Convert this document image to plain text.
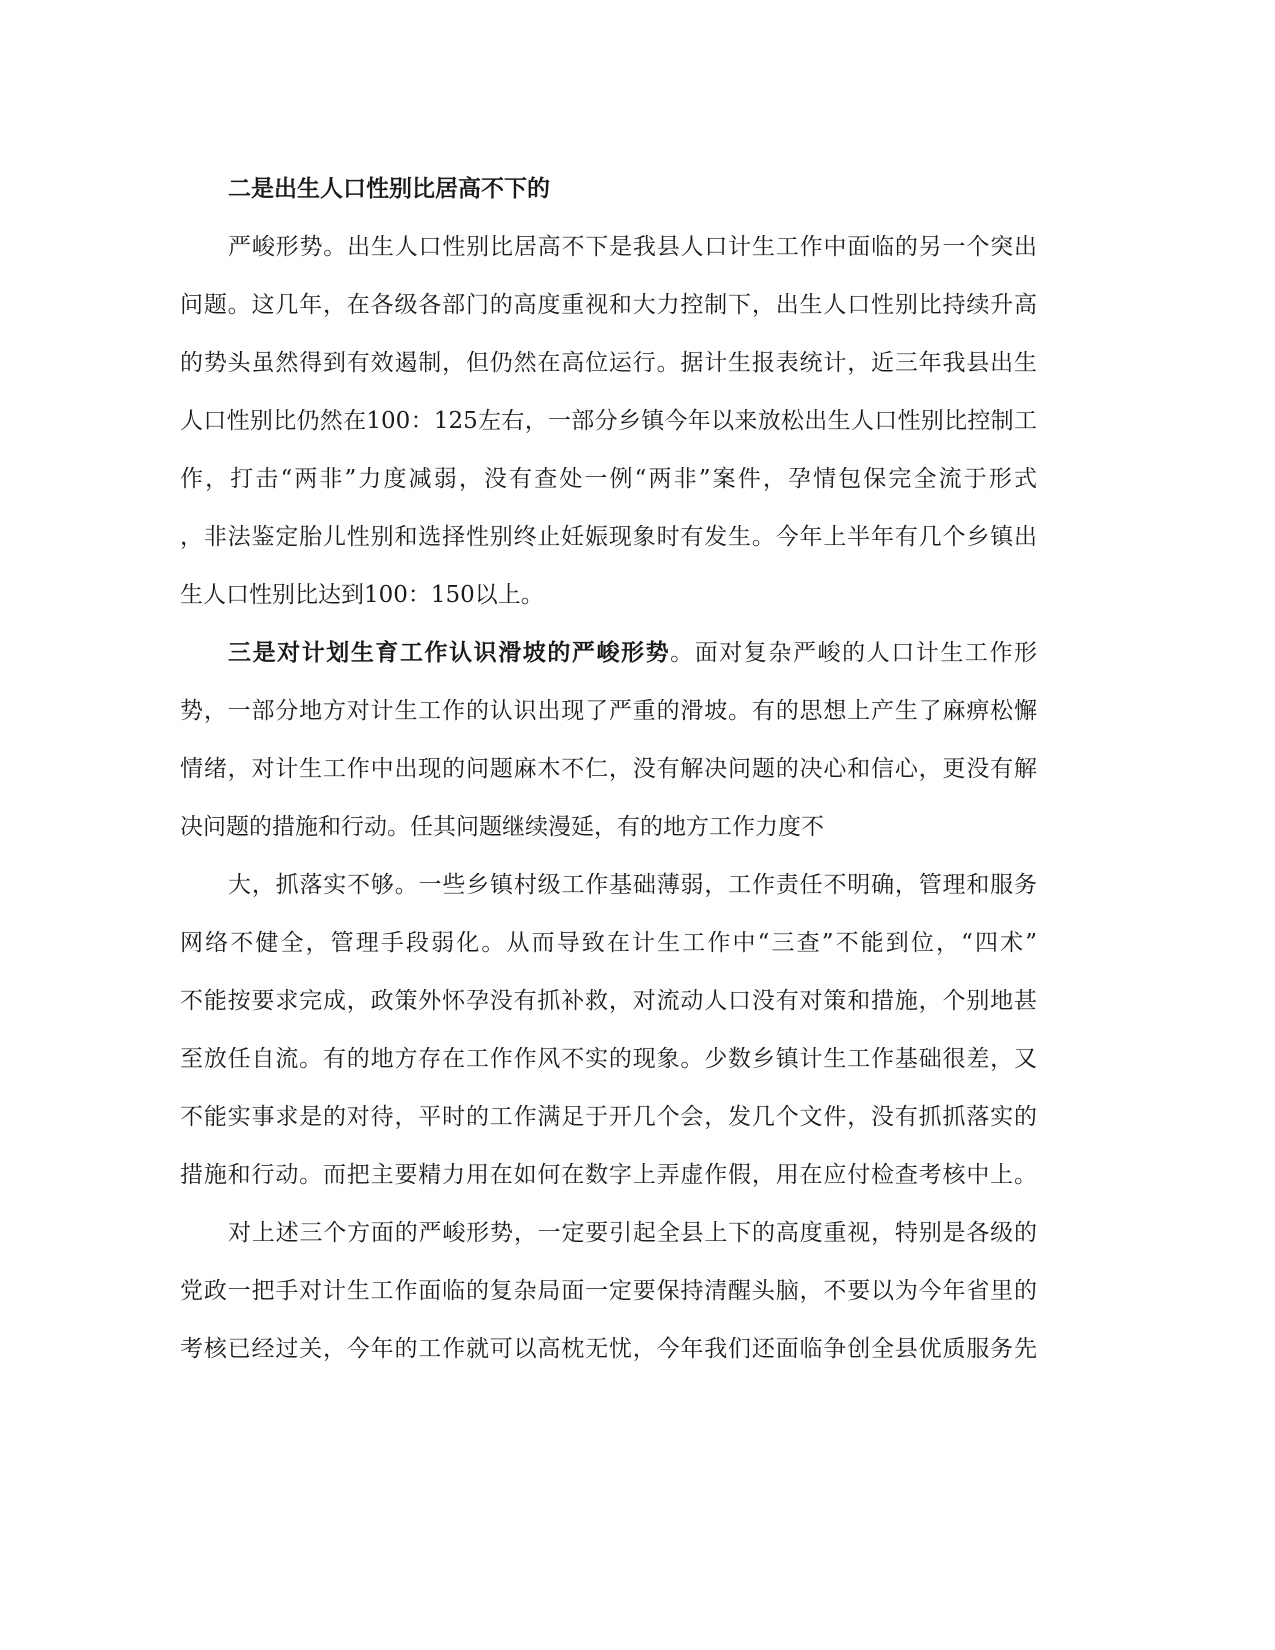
二是出生人口性别比居高不下的
严峻形势。出生人口性别比居高不下是我县人口计生工作中面临的另一个突出
问题。这几年，在各级各部门的高度重视和大力控制下，出生人口性别比持续升高
的势头虽然得到有效遏制，但仍然在高位运行。据计生报表统计，近三年我县出生
人口性别比仍然在100：125左右，一部分乡镇今年以来放松出生人口性别比控制工
作，打击“两非”力度减弱，没有查处一例“两非”案件，孕情包保完全流于形式
，非法鉴定胎儿性别和选择性别终止妊娠现象时有发生。今年上半年有几个乡镇出
生人口性别比达到100：150以上。
三是对计划生育工作认识滑坡的严峻形势。面对复杂严峻的人口计生工作形
势，一部分地方对计生工作的认识出现了严重的滑坡。有的思想上产生了麻痹松懈
情绪，对计生工作中出现的问题麻木不仁，没有解决问题的决心和信心，更没有解
决问题的措施和行动。任其问题继续漫延，有的地方工作力度不
大，抓落实不够。一些乡镇村级工作基础薄弱，工作责任不明确，管理和服务
网络不健全，管理手段弱化。从而导致在计生工作中“三查”不能到位，“四术”
不能按要求完成，政策外怀孕没有抓补救，对流动人口没有对策和措施，个别地甚
至放任自流。有的地方存在工作作风不实的现象。少数乡镇计生工作基础很差，又
不能实事求是的对待，平时的工作满足于开几个会，发几个文件，没有抓抓落实的
措施和行动。而把主要精力用在如何在数字上弄虚作假，用在应付检查考核中上。
对上述三个方面的严峻形势，一定要引起全县上下的高度重视，特别是各级的
党政一把手对计生工作面临的复杂局面一定要保持清醒头脑，不要以为今年省里的
考核已经过关，今年的工作就可以高枕无忧，今年我们还面临争创全县优质服务先
